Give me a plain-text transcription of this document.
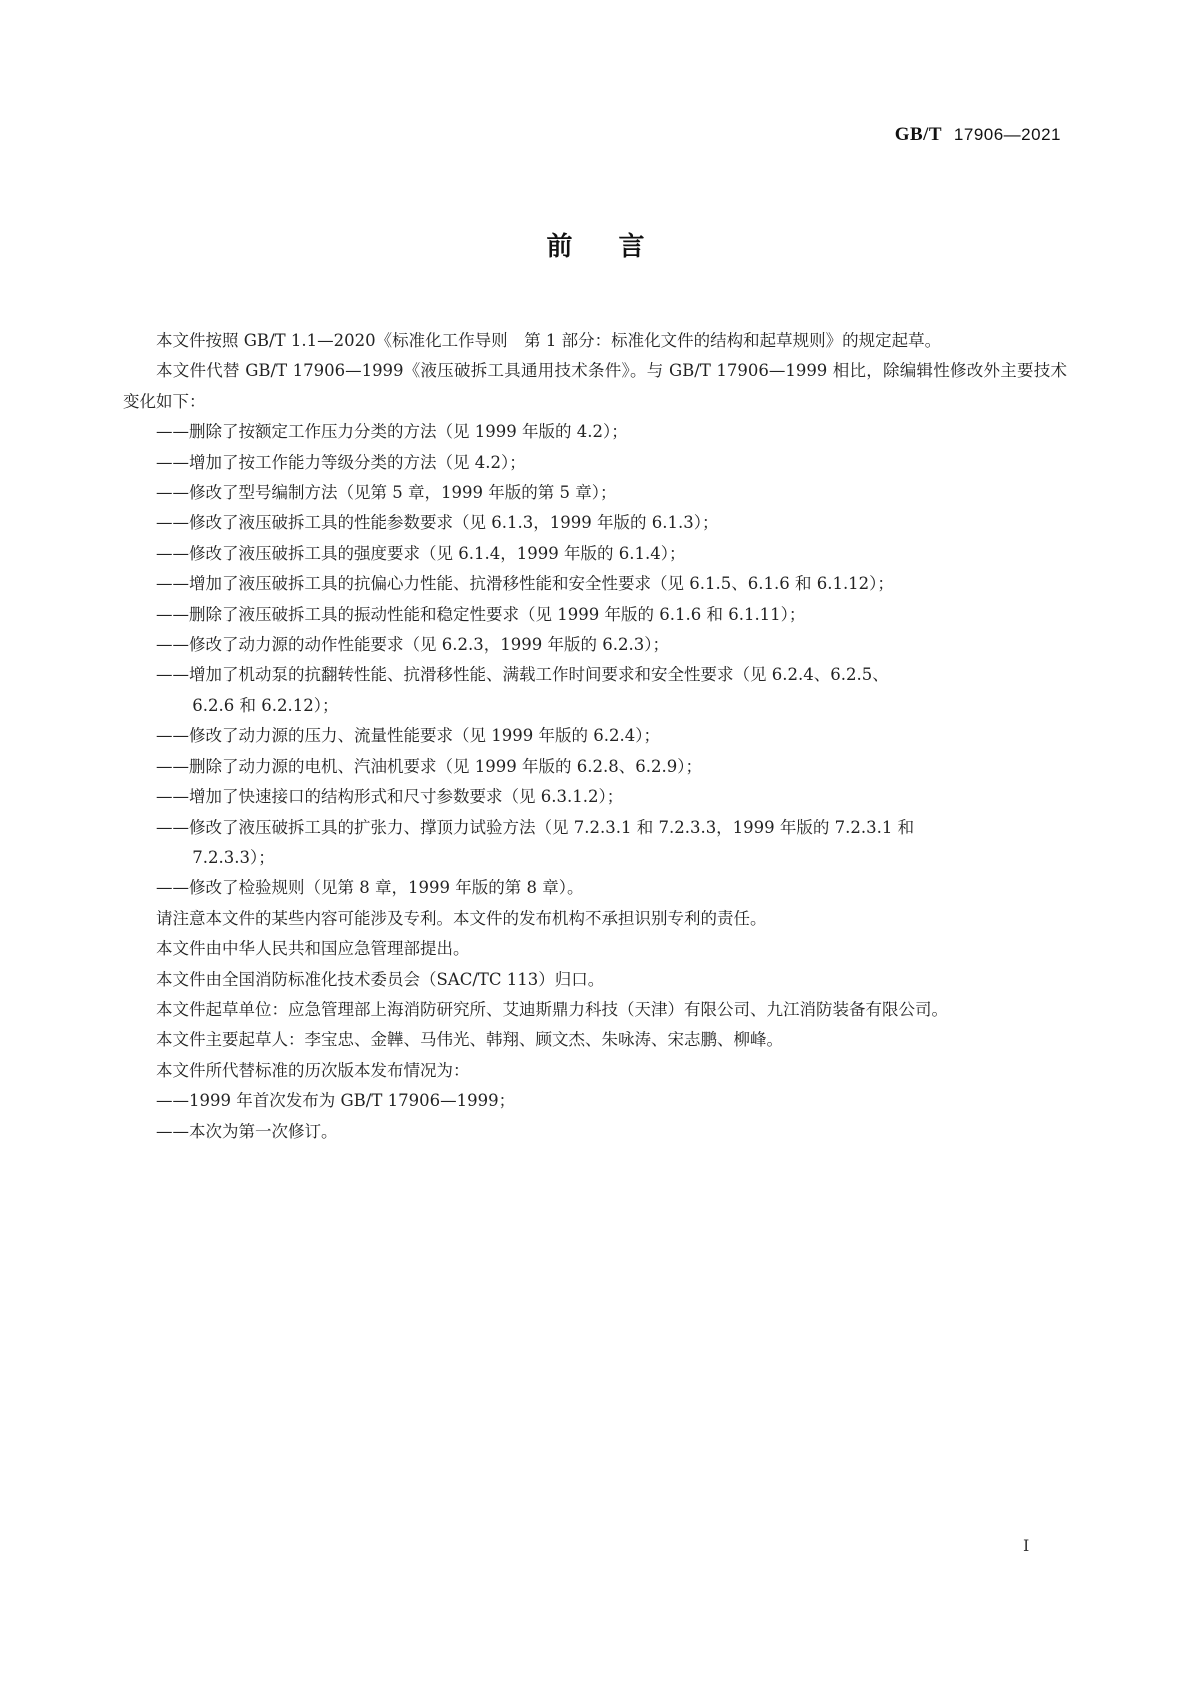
GB/T 17906—2021
前言

本文件按照 GB/T 1.1—2020《标准化工作导则　第 1 部分：标准化文件的结构和起草规则》的规定起草。

本文件代替 GB/T 17906—1999《液压破拆工具通用技术条件》。与 GB/T 17906—1999 相比，除编辑性修改外主要技术变化如下：

——删除了按额定工作压力分类的方法（见 1999 年版的 4.2）；

——增加了按工作能力等级分类的方法（见 4.2）；

——修改了型号编制方法（见第 5 章，1999 年版的第 5 章）；

——修改了液压破拆工具的性能参数要求（见 6.1.3，1999 年版的 6.1.3）；

——修改了液压破拆工具的强度要求（见 6.1.4，1999 年版的 6.1.4）；

——增加了液压破拆工具的抗偏心力性能、抗滑移性能和安全性要求（见 6.1.5、6.1.6 和 6.1.12）；

——删除了液压破拆工具的振动性能和稳定性要求（见 1999 年版的 6.1.6 和 6.1.11）；

——修改了动力源的动作性能要求（见 6.2.3，1999 年版的 6.2.3）；

——增加了机动泵的抗翻转性能、抗滑移性能、满载工作时间要求和安全性要求（见 6.2.4、6.2.5、
6.2.6 和 6.2.12）；

——修改了动力源的压力、流量性能要求（见 1999 年版的 6.2.4）；

——删除了动力源的电机、汽油机要求（见 1999 年版的 6.2.8、6.2.9）；

——增加了快速接口的结构形式和尺寸参数要求（见 6.3.1.2）；

——修改了液压破拆工具的扩张力、撑顶力试验方法（见 7.2.3.1 和 7.2.3.3，1999 年版的 7.2.3.1 和
7.2.3.3）；

——修改了检验规则（见第 8 章，1999 年版的第 8 章）。

请注意本文件的某些内容可能涉及专利。本文件的发布机构不承担识别专利的责任。

本文件由中华人民共和国应急管理部提出。

本文件由全国消防标准化技术委员会（SAC/TC 113）归口。

本文件起草单位：应急管理部上海消防研究所、艾迪斯鼎力科技（天津）有限公司、九江消防装备有限公司。

本文件主要起草人：李宝忠、金韡、马伟光、韩翔、顾文杰、朱咏涛、宋志鹏、柳峰。

本文件所代替标准的历次版本发布情况为：

——1999 年首次发布为 GB/T 17906—1999；

——本次为第一次修订。

I
